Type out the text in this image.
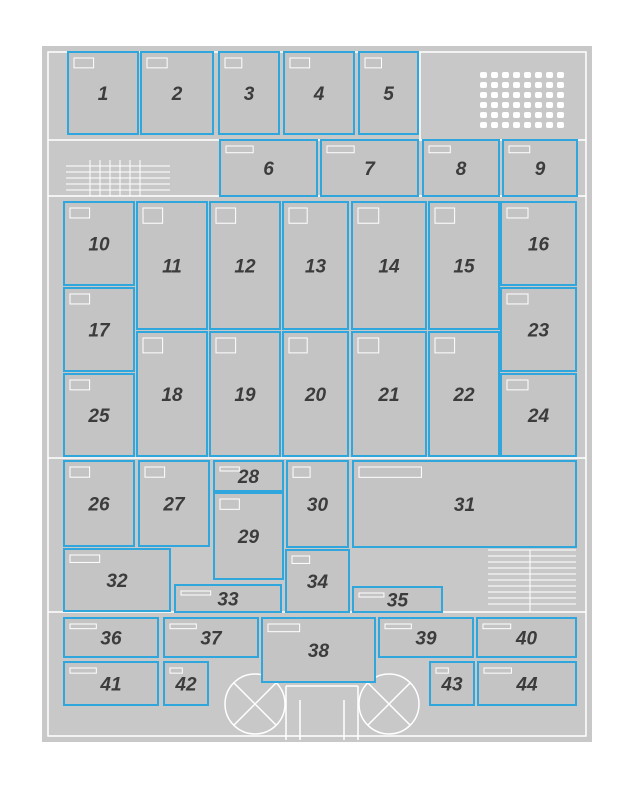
1	2	3	4	5
6	7	8	9
10
11	12	13	14	15
16
17
18	19	20	21	22
23
24
25
26	27
28
29
30	31
32
33
34
35
36	37
38
39	40
41	42	43	44
